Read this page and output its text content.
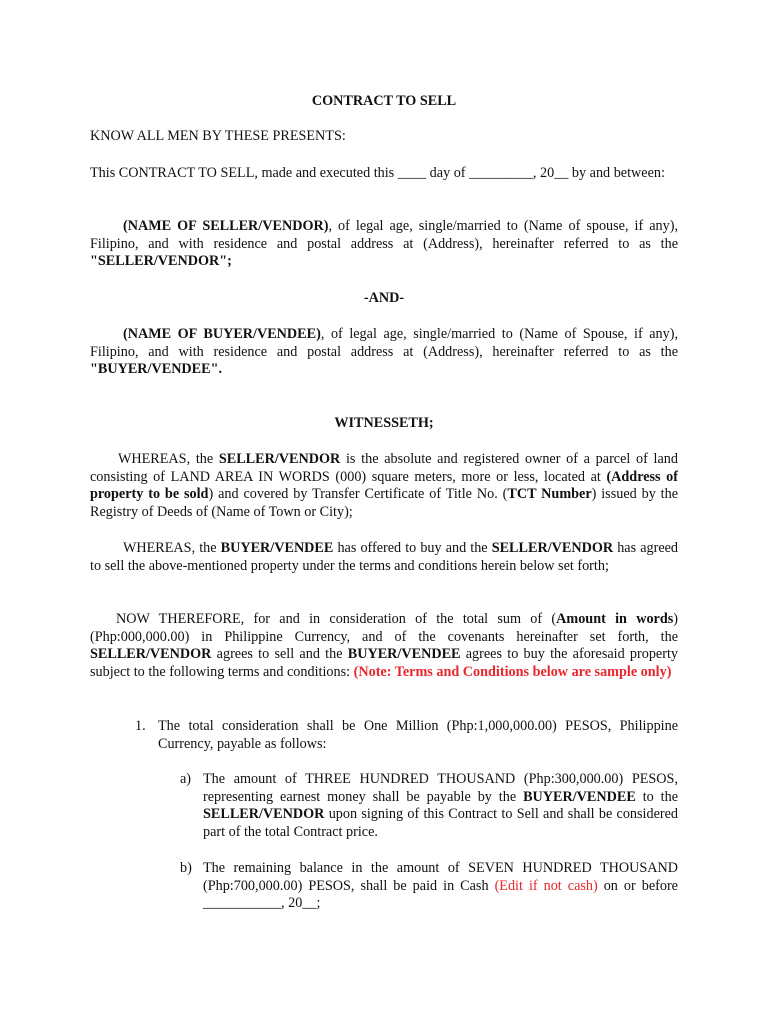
CONTRACT TO SELL
KNOW ALL MEN BY THESE PRESENTS:
This CONTRACT TO SELL, made and executed this ____ day of _________, 20__ by and between:
(NAME OF SELLER/VENDOR), of legal age, single/married to (Name of spouse, if any), Filipino, and with residence and postal address at (Address), hereinafter referred to as the "SELLER/VENDOR";
-AND-
(NAME OF BUYER/VENDEE), of legal age, single/married to (Name of Spouse, if any), Filipino, and with residence and postal address at (Address), hereinafter referred to as the "BUYER/VENDEE".
WITNESSETH;
WHEREAS, the SELLER/VENDOR is the absolute and registered owner of a parcel of land consisting of LAND AREA IN WORDS (000) square meters, more or less, located at (Address of property to be sold) and covered by Transfer Certificate of Title No. (TCT Number) issued by the Registry of Deeds of (Name of Town or City);
WHEREAS, the BUYER/VENDEE has offered to buy and the SELLER/VENDOR has agreed to sell the above-mentioned property under the terms and conditions herein below set forth;
NOW THEREFORE, for and in consideration of the total sum of (Amount in words) (Php:000,000.00) in Philippine Currency, and of the covenants hereinafter set forth, the SELLER/VENDOR agrees to sell and the BUYER/VENDEE agrees to buy the aforesaid property subject to the following terms and conditions: (Note: Terms and Conditions below are sample only)
1. The total consideration shall be One Million (Php:1,000,000.00) PESOS, Philippine Currency, payable as follows:
a) The amount of THREE HUNDRED THOUSAND (Php:300,000.00) PESOS, representing earnest money shall be payable by the BUYER/VENDEE to the SELLER/VENDOR upon signing of this Contract to Sell and shall be considered part of the total Contract price.
b) The remaining balance in the amount of SEVEN HUNDRED THOUSAND (Php:700,000.00) PESOS, shall be paid in Cash (Edit if not cash) on or before ___________, 20__;
